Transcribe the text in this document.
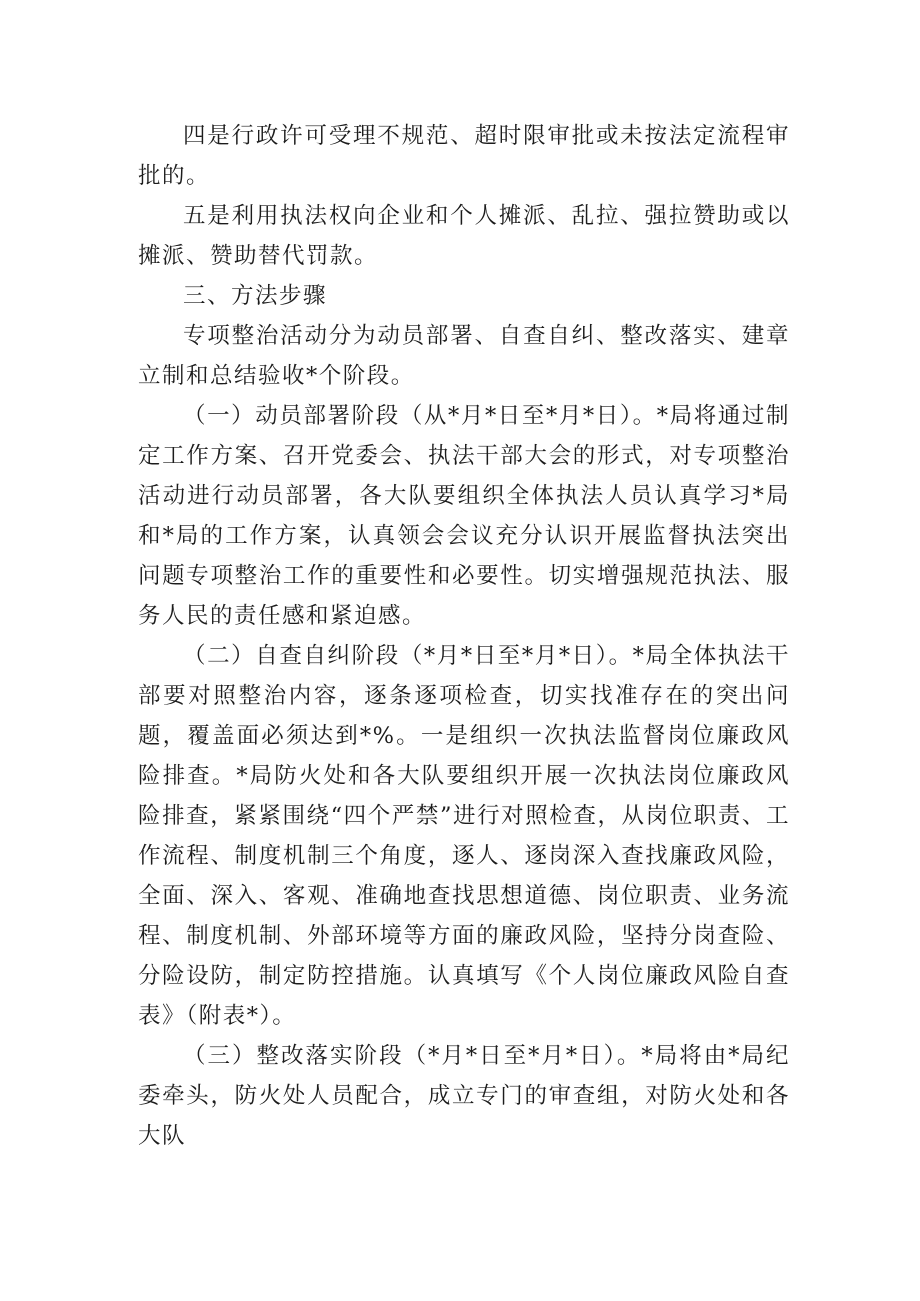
四是行政许可受理不规范、超时限审批或未按法定流程审批的。

五是利用执法权向企业和个人摊派、乱拉、强拉赞助或以摊派、赞助替代罚款。

三、方法步骤

专项整治活动分为动员部署、自查自纠、整改落实、建章立制和总结验收*个阶段。

（一）动员部署阶段（从*月*日至*月*日）。*局将通过制定工作方案、召开党委会、执法干部大会的形式，对专项整治活动进行动员部署，各大队要组织全体执法人员认真学习*局和*局的工作方案，认真领会会议充分认识开展监督执法突出问题专项整治工作的重要性和必要性。切实增强规范执法、服务人民的责任感和紧迫感。

（二）自查自纠阶段（*月*日至*月*日）。*局全体执法干部要对照整治内容，逐条逐项检查，切实找准存在的突出问题，覆盖面必须达到*%。一是组织一次执法监督岗位廉政风险排查。*局防火处和各大队要组织开展一次执法岗位廉政风险排查，紧紧围绕“四个严禁”进行对照检查，从岗位职责、工作流程、制度机制三个角度，逐人、逐岗深入查找廉政风险，全面、深入、客观、准确地查找思想道德、岗位职责、业务流程、制度机制、外部环境等方面的廉政风险，坚持分岗查险、分险设防，制定防控措施。认真填写《个人岗位廉政风险自查表》（附表*）。

（三）整改落实阶段（*月*日至*月*日）。*局将由*局纪委牵头，防火处人员配合，成立专门的审查组，对防火处和各大队
